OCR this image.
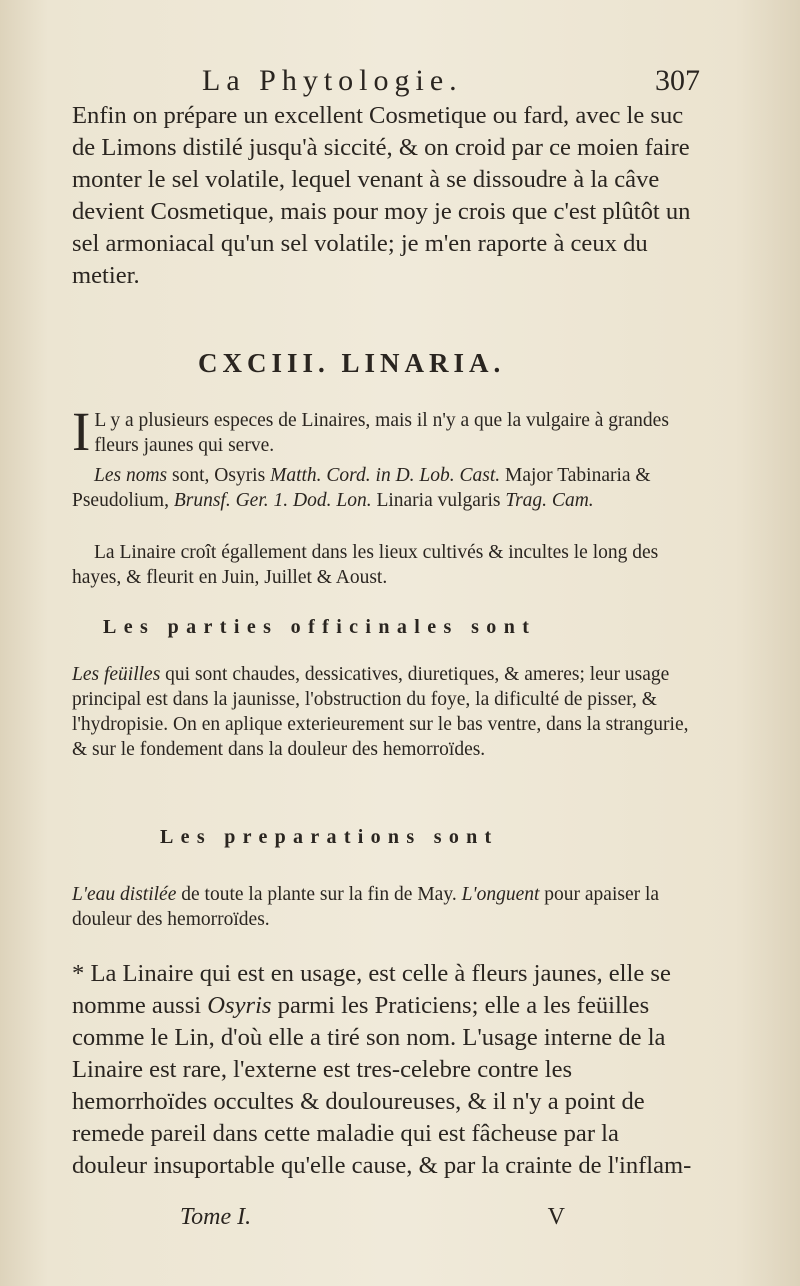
La Phytologie.	307

Enfin on prépare un excellent Cosmetique ou fard, avec le suc de Limons distilé jusqu'à siccité, & on croid par ce moien faire monter le sel volatile, lequel venant à se dissoudre à la câve devient Cosmetique, mais pour moy je crois que c'est plûtôt un sel armoniacal qu'un sel volatile; je m'en raporte à ceux du metier.

CXCIII. LINARIA.

I L y a plusieurs especes de Linaires, mais il n'y a que la vulgaire à grandes fleurs jaunes qui serve.

Les noms sont, Osyris Matth. Cord. in D. Lob. Cast. Major Tabinaria & Pseudolium, Brunsf. Ger. 1. Dod. Lon. Linaria vulgaris Trag. Cam.

La Linaire croît égallement dans les lieux cultivés & incultes le long des hayes, & fleurit en Juin, Juillet & Aoust.

Les parties officinales sont

Les feüilles qui sont chaudes, dessicatives, diuretiques, & ameres; leur usage principal est dans la jaunisse, l'obstruction du foye, la dificulté de pisser, & l'hydropisie. On en aplique exterieurement sur le bas ventre, dans la strangurie, & sur le fondement dans la douleur des hemorroïdes.

Les preparations sont

L'eau distilée de toute la plante sur la fin de May. L'onguent pour apaiser la douleur des hemorroïdes.

* La Linaire qui est en usage, est celle à fleurs jaunes, elle se nomme aussi Osyris parmi les Praticiens; elle a les feüilles comme le Lin, d'où elle a tiré son nom. L'usage interne de la Linaire est rare, l'externe est tres-celebre contre les hemorrhoïdes occultes & douloureuses, & il n'y a point de remede pareil dans cette maladie qui est fâcheuse par la douleur insuportable qu'elle cause, & par la crainte de l'inflam-

Tome I.	V
